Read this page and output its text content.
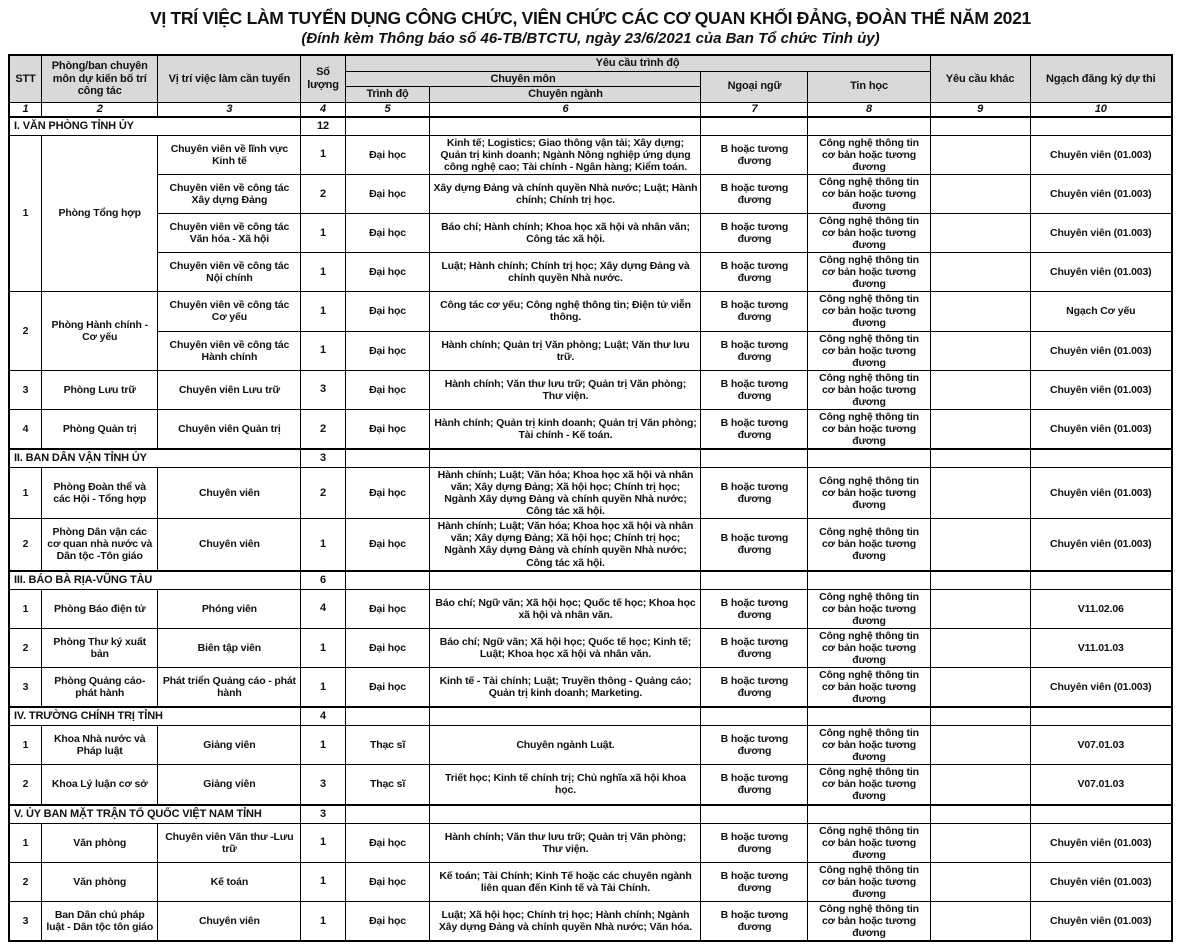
VỊ TRÍ VIỆC LÀM TUYỂN DỤNG CÔNG CHỨC, VIÊN CHỨC CÁC CƠ QUAN KHỐI ĐẢNG, ĐOÀN THỂ NĂM 2021
(Đính kèm Thông báo số 46-TB/BTCTU, ngày 23/6/2021 của Ban Tổ chức Tỉnh ủy)
STT	Phòng/ban chuyên môn dự kiến bố trí công tác	Vị trí việc làm cần tuyển	Số lượng	Yêu cầu trình độ				Yêu cầu khác	Ngạch đăng ký dự thi
				Chuyên môn		Ngoại ngữ	Tin học		
				Trình độ	Chuyên ngành				
1	2	3	4	5	6	7	8	9	10
I. VĂN PHÒNG TỈNH ỦY			12						
1	Phòng Tổng hợp	Chuyên viên về lĩnh vực Kinh tế	1	Đại học	Kinh tế; Logistics; Giao thông vận tải; Xây dựng; Quản trị kinh doanh; Ngành Nông nghiệp ứng dụng công nghệ cao; Tài chính - Ngân hàng; Kiểm toán.	B hoặc tương đương	Công nghệ thông tin cơ bản hoặc tương đương		Chuyên viên (01.003)
		Chuyên viên về công tác Xây dựng Đảng	2	Đại học	Xây dựng Đảng và chính quyền Nhà nước; Luật; Hành chính; Chính trị học.	B hoặc tương đương	Công nghệ thông tin cơ bản hoặc tương đương		Chuyên viên (01.003)
		Chuyên viên về công tác Văn hóa - Xã hội	1	Đại học	Báo chí; Hành chính; Khoa học xã hội và nhân văn; Công tác xã hội.	B hoặc tương đương	Công nghệ thông tin cơ bản hoặc tương đương		Chuyên viên (01.003)
		Chuyên viên về công tác Nội chính	1	Đại học	Luật; Hành chính; Chính trị học; Xây dựng Đảng và chính quyền Nhà nước.	B hoặc tương đương	Công nghệ thông tin cơ bản hoặc tương đương		Chuyên viên (01.003)
2	Phòng Hành chính -Cơ yếu	Chuyên viên về công tác Cơ yếu	1	Đại học	Công tác cơ yếu; Công nghệ thông tin; Điện tử viễn thông.	B hoặc tương đương	Công nghệ thông tin cơ bản hoặc tương đương		Ngạch Cơ yếu
		Chuyên viên về công tác Hành chính	1	Đại học	Hành chính; Quản trị Văn phòng; Luật; Văn thư lưu trữ.	B hoặc tương đương	Công nghệ thông tin cơ bản hoặc tương đương		Chuyên viên (01.003)
3	Phòng Lưu trữ	Chuyên viên Lưu trữ	3	Đại học	Hành chính; Văn thư lưu trữ; Quản trị Văn phòng; Thư viện.	B hoặc tương đương	Công nghệ thông tin cơ bản hoặc tương đương		Chuyên viên (01.003)
4	Phòng Quản trị	Chuyên viên Quản trị	2	Đại học	Hành chính; Quản trị kinh doanh; Quản trị Văn phòng; Tài chính - Kế toán.	B hoặc tương đương	Công nghệ thông tin cơ bản hoặc tương đương		Chuyên viên (01.003)
II. BAN DÂN VẬN TỈNH ỦY			3						
1	Phòng Đoàn thể và các Hội - Tổng hợp	Chuyên viên	2	Đại học	Hành chính; Luật; Văn hóa; Khoa học xã hội và nhân văn; Xây dựng Đảng; Xã hội học; Chính trị học; Ngành Xây dựng Đảng và chính quyền Nhà nước; Công tác xã hội.	B hoặc tương đương	Công nghệ thông tin cơ bản hoặc tương đương		Chuyên viên (01.003)
2	Phòng Dân vận các cơ quan nhà nước và Dân tộc -Tôn giáo	Chuyên viên	1	Đại học	Hành chính; Luật; Văn hóa; Khoa học xã hội và nhân văn; Xây dựng Đảng; Xã hội học; Chính trị học; Ngành Xây dựng Đảng và chính quyền Nhà nước; Công tác xã hội.	B hoặc tương đương	Công nghệ thông tin cơ bản hoặc tương đương		Chuyên viên (01.003)
III. BÁO BÀ RỊA-VŨNG TÀU			6						
1	Phòng Báo điện tử	Phóng viên	4	Đại học	Báo chí; Ngữ văn; Xã hội học; Quốc tế học; Khoa học xã hội và nhân văn.	B hoặc tương đương	Công nghệ thông tin cơ bản hoặc tương đương		V11.02.06
2	Phòng Thư ký xuất bản	Biên tập viên	1	Đại học	Báo chí; Ngữ văn; Xã hội học; Quốc tế học; Kinh tế; Luật; Khoa học xã hội và nhân văn.	B hoặc tương đương	Công nghệ thông tin cơ bản hoặc tương đương		V11.01.03
3	Phòng Quảng cáo- phát hành	Phát triển Quảng cáo - phát hành	1	Đại học	Kinh tế - Tài chính; Luật; Truyền thông - Quảng cáo; Quản trị kinh doanh; Marketing.	B hoặc tương đương	Công nghệ thông tin cơ bản hoặc tương đương		Chuyên viên (01.003)
IV. TRƯỜNG CHÍNH TRỊ TỈNH			4						
1	Khoa Nhà nước và Pháp luật	Giảng viên	1	Thạc sĩ	Chuyên ngành Luật.	B hoặc tương đương	Công nghệ thông tin cơ bản hoặc tương đương		V07.01.03
2	Khoa Lý luận cơ sở	Giảng viên	3	Thạc sĩ	Triết học; Kinh tế chính trị; Chủ nghĩa xã hội khoa học.	B hoặc tương đương	Công nghệ thông tin cơ bản hoặc tương đương		V07.01.03
V. ỦY BAN MẶT TRẬN TỔ QUỐC VIỆT NAM TỈNH			3						
1	Văn phòng	Chuyên viên Văn thư -Lưu trữ	1	Đại học	Hành chính; Văn thư lưu trữ; Quản trị Văn phòng; Thư viện.	B hoặc tương đương	Công nghệ thông tin cơ bản hoặc tương đương		Chuyên viên (01.003)
2	Văn phòng	Kế toán	1	Đại học	Kế toán; Tài Chính; Kinh Tế hoặc các chuyên ngành liên quan đến Kinh tế và Tài Chính.	B hoặc tương đương	Công nghệ thông tin cơ bản hoặc tương đương		Chuyên viên (01.003)
3	Ban Dân chủ pháp luật - Dân tộc tôn giáo	Chuyên viên	1	Đại học	Luật; Xã hội học; Chính trị học; Hành chính; Ngành Xây dựng Đảng và chính quyền Nhà nước; Văn hóa.	B hoặc tương đương	Công nghệ thông tin cơ bản hoặc tương đương		Chuyên viên (01.003)
